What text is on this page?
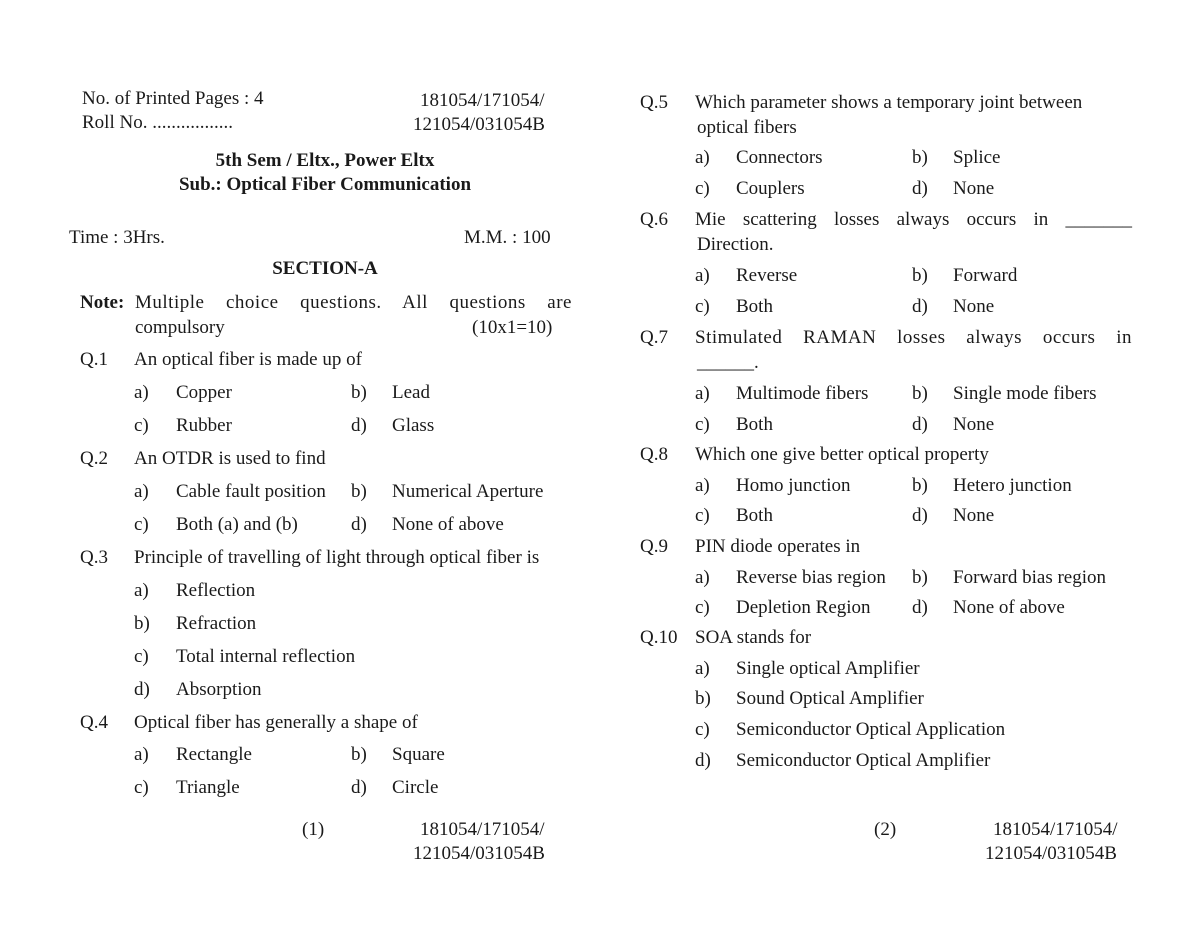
No. of Printed Pages : 4
Roll No. .................
181054/171054/
121054/031054B
5th Sem / Eltx., Power Eltx
Sub.: Optical Fiber Communication
Time : 3Hrs.	M.M. : 100
SECTION-A
Note: Multiple choice questions. All questions are
compulsory	(10x1=10)
Q.1 An optical fiber is made up of
a) Copper	b) Lead
c) Rubber	d) Glass
Q.2 An OTDR is used to find
a) Cable fault position b) Numerical Aperture
c) Both (a) and (b)	d) None of above
Q.3 Principle of travelling of light through optical fiber is
a) Reflection
b) Refraction
c) Total internal reflection
d) Absorption
Q.4 Optical fiber has generally a shape of
a) Rectangle	b) Square
c) Triangle	d) Circle
(1)	181054/171054/
121054/031054B
Q.5 Which parameter shows a temporary joint between
optical fibers
a) Connectors	b) Splice
c) Couplers	d) None
Q.6 Mie scattering losses always occurs in _______
Direction.
a) Reverse	b) Forward
c) Both	d) None
Q.7 Stimulated RAMAN losses always occurs in
______.
a) Multimode fibers b) Single mode fibers
c) Both	d) None
Q.8 Which one give better optical property
a) Homo junction	b) Hetero junction
c) Both	d) None
Q.9 PIN diode operates in
a) Reverse bias region b) Forward bias region
c) Depletion Region d) None of above
Q.10 SOA stands for
a) Single optical Amplifier
b) Sound Optical Amplifier
c) Semiconductor Optical Application
d) Semiconductor Optical Amplifier
(2)	181054/171054/
121054/031054B
